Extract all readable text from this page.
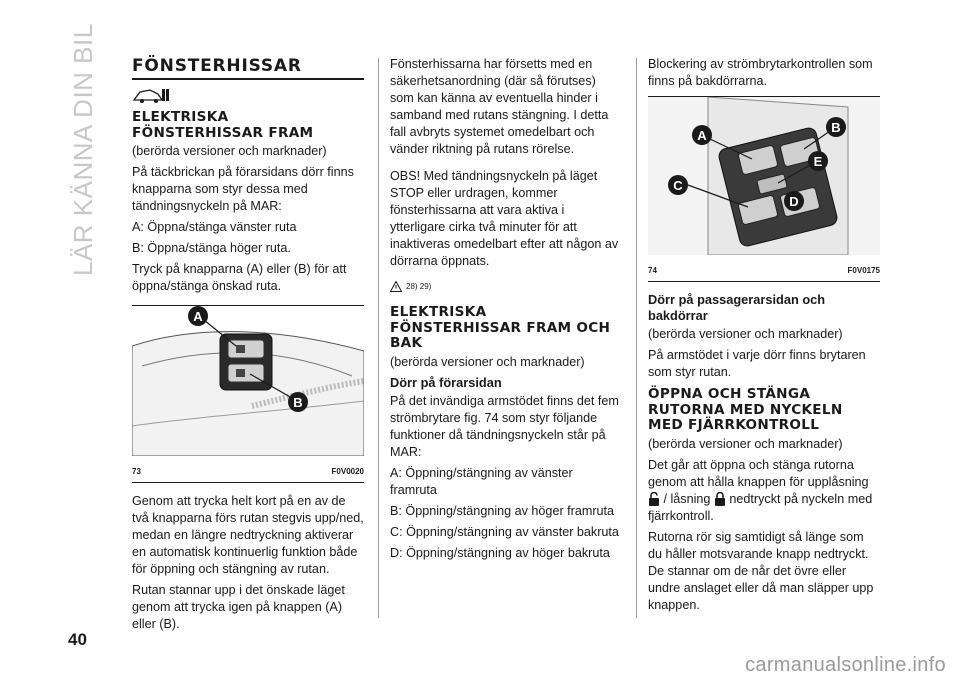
LÄR KÄNNA DIN BIL
40
carmanualsonline.info
FÖNSTERHISSAR
ELEKTRISKA FÖNSTERHISSAR FRAM

(berörda versioner och marknader)

På täckbrickan på förarsidans dörr finns knapparna som styr dessa med tändningsnyckeln på MAR:

A: Öppna/stänga vänster ruta

B: Öppna/stänga höger ruta.

Tryck på knapparna (A) eller (B) för att öppna/stänga önskad ruta.

A
B
73	F0V0020

Genom att trycka helt kort på en av de två knapparna förs rutan stegvis upp/ned, medan en längre nedtryckning aktiverar en automatisk kontinuerlig funktion både för öppning och stängning av rutan.

Rutan stannar upp i det önskade läget genom att trycka igen på knappen (A) eller (B).

Fönsterhissarna har försetts med en säkerhetsanordning (där så förutses) som kan känna av eventuella hinder i samband med rutans stängning. I detta fall avbryts systemet omedelbart och vänder riktning på rutans rörelse.

OBS! Med tändningsnyckeln på läget STOP eller urdragen, kommer fönsterhissarna att vara aktiva i ytterligare cirka två minuter för att inaktiveras omedelbart efter att någon av dörrarna öppnats.

28) 29)
ELEKTRISKA FÖNSTERHISSAR FRAM OCH BAK

(berörda versioner och marknader)

Dörr på förarsidan

På det invändiga armstödet finns det fem strömbrytare fig. 74 som styr följande funktioner då tändningsnyckeln står på MAR:

A: Öppning/stängning av vänster framruta

B: Öppning/stängning av höger framruta

C: Öppning/stängning av vänster bakruta

D: Öppning/stängning av höger bakruta

Blockering av strömbrytarkontrollen som finns på bakdörrarna.

A
B
E
C
D
74	F0V0175
Dörr på passagerarsidan och bakdörrar

(berörda versioner och marknader)

På armstödet i varje dörr finns brytaren som styr rutan.

ÖPPNA OCH STÄNGA RUTORNA MED NYCKELN MED FJÄRRKONTROLL

(berörda versioner och marknader)

Det går att öppna och stänga rutorna genom att hålla knappen för upplåsning  / låsning nedtryckt på nyckeln med fjärrkontroll.

Rutorna rör sig samtidigt så länge som du håller motsvarande knapp nedtryckt. De stannar om de når det övre eller undre anslaget eller då man släpper upp knappen.
